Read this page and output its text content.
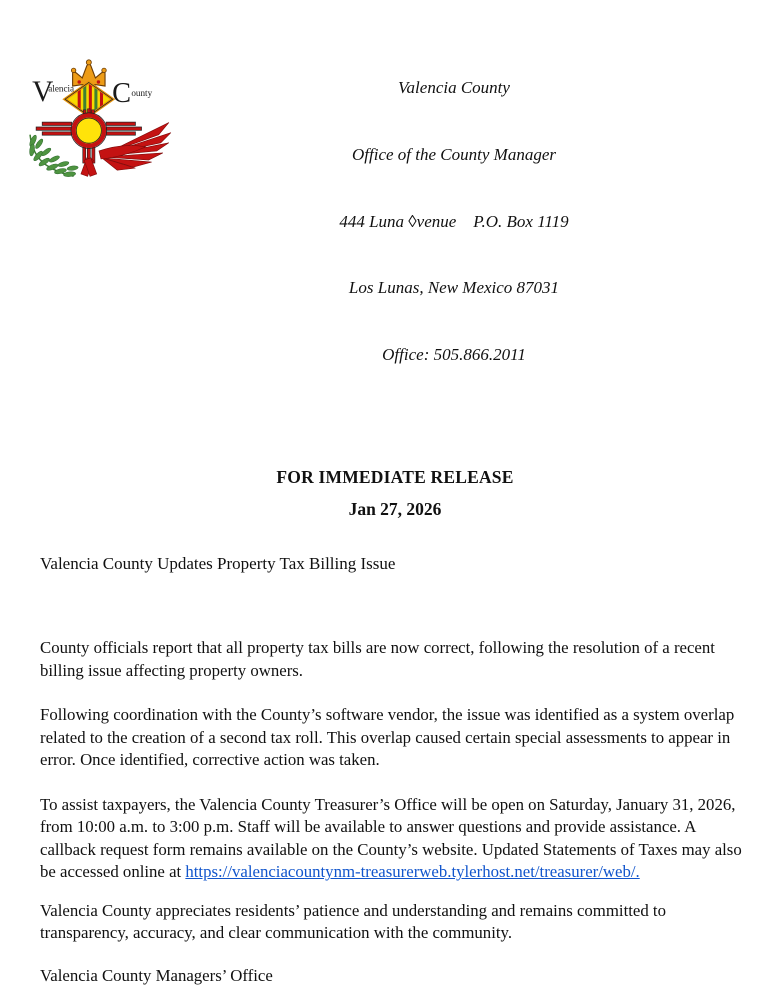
V
alencia C ounty

	Valencia County

Office of the County Manager

444 Luna ◊venue    P.O. Box 1119

Los Lunas, New Mexico 87031

Office: 505.866.2011

FOR IMMEDIATE RELEASE
Jan 27, 2026
Valencia County Updates Property Tax Billing Issue

County officials report that all property tax bills are now correct, following the resolution of a recent billing issue affecting property owners.

Following coordination with the County’s software vendor, the issue was identified as a system overlap related to the creation of a second tax roll. This overlap caused certain special assessments to appear in error. Once identified, corrective action was taken.

To assist taxpayers, the Valencia County Treasurer’s Office will be open on Saturday, January 31, 2026, from 10:00 a.m. to 3:00 p.m. Staff will be available to answer questions and provide assistance. A callback request form remains available on the County’s website. Updated Statements of Taxes may also be accessed online at https://valenciacountynm-treasurerweb.tylerhost.net/treasurer/web/.

Valencia County appreciates residents’ patience and understanding and remains committed to transparency, accuracy, and clear communication with the community.

Valencia County Managers’ Office
